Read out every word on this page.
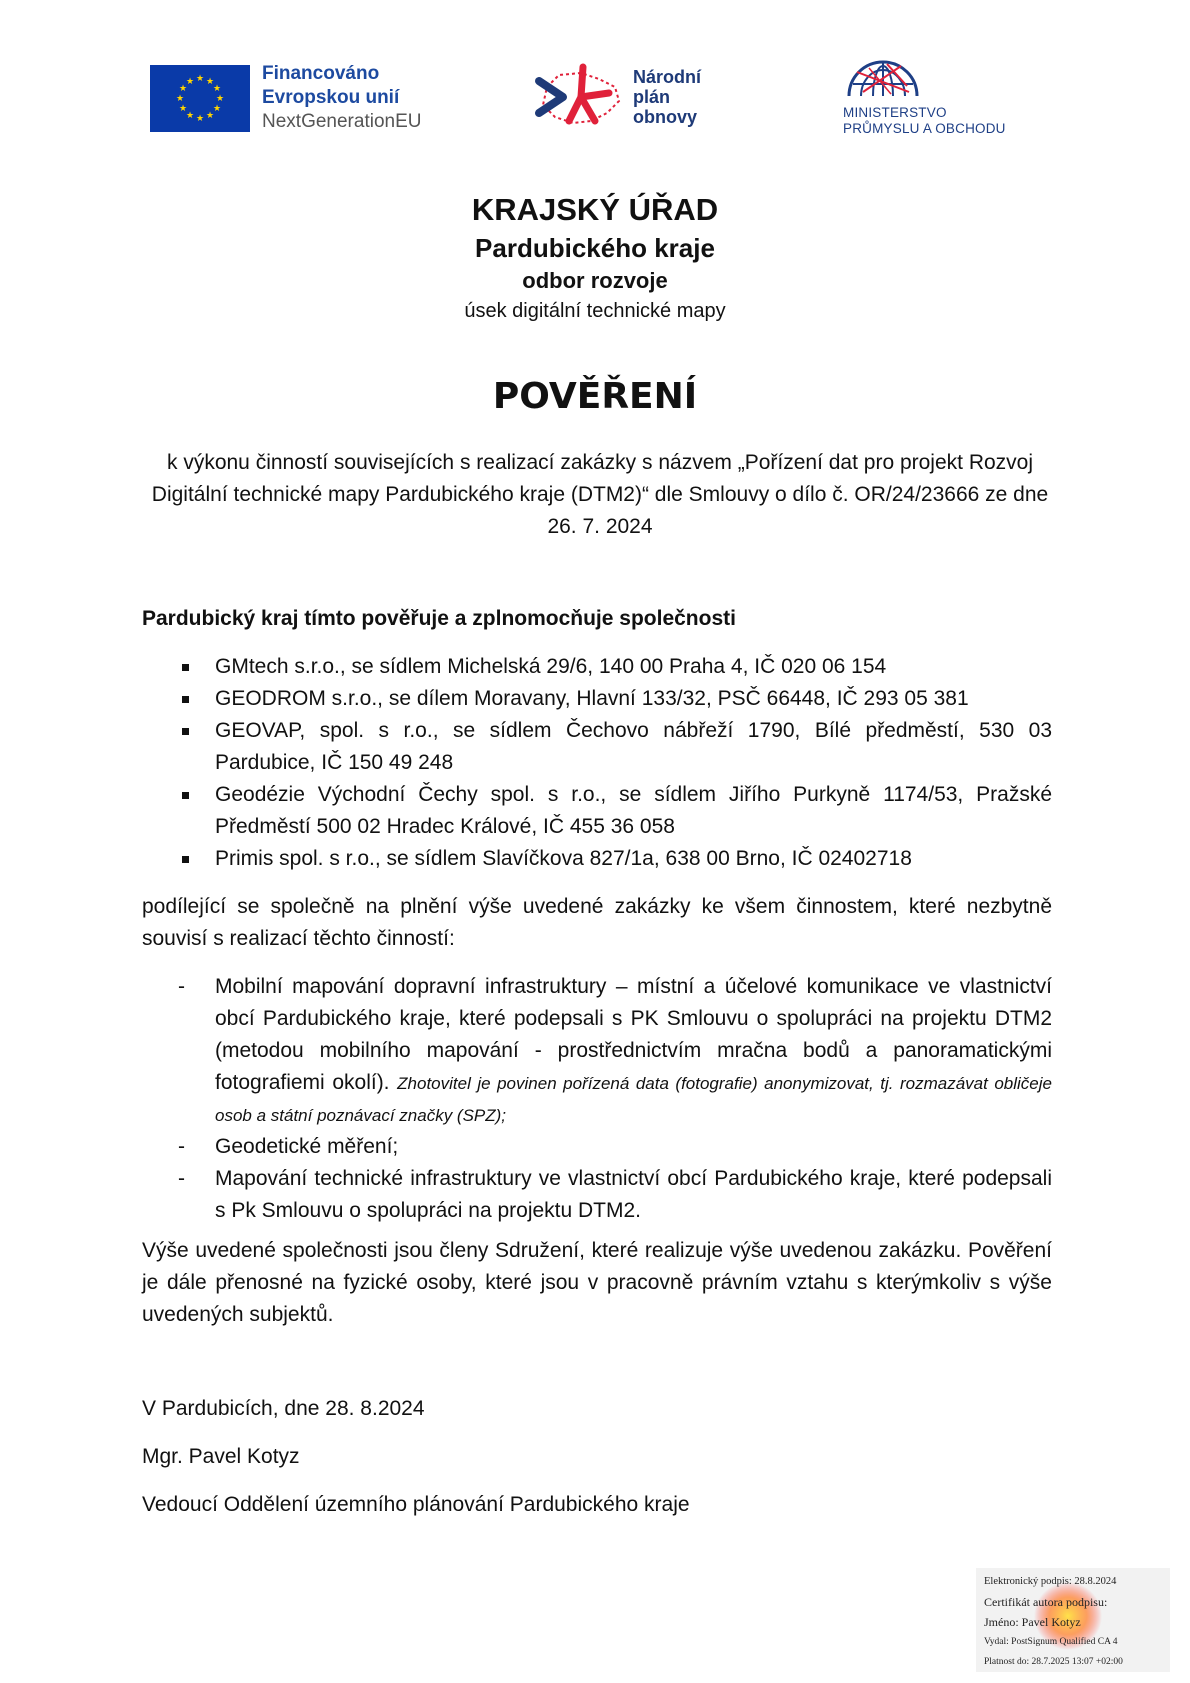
★ ★
★
★
★
★
★
★
★
★
★
★	Financováno
Evropskou unií
NextGenerationEU
Národní
plán
obnovy	MINISTERSTVO
PRŮMYSLU A OBCHODU
KRAJSKÝ ÚŘAD
Pardubického kraje
odbor rozvoje
úsek digitální technické mapy
POVĚŘENÍ
k výkonu činností souvisejících s realizací zakázky s názvem „Pořízení dat pro projekt Rozvoj Digitální technické mapy Pardubického kraje (DTM2)“ dle Smlouvy o dílo č. OR/24/23666 ze dne 26. 7. 2024
Pardubický kraj tímto pověřuje a zplnomocňuje společnosti
GMtech s.r.o., se sídlem Michelská 29/6, 140 00 Praha 4, IČ 020 06 154
GEODROM s.r.o., se dílem Moravany, Hlavní 133/32, PSČ 66448, IČ 293 05 381
GEOVAP, spol. s r.o., se sídlem Čechovo nábřeží 1790, Bílé předměstí, 530 03 Pardubice, IČ 150 49 248
Geodézie Východní Čechy spol. s r.o., se sídlem Jiřího Purkyně 1174/53, Pražské Předměstí 500 02 Hradec Králové, IČ 455 36 058
Primis spol. s r.o., se sídlem Slavíčkova 827/1a, 638 00 Brno, IČ 02402718
podílející se společně na plnění výše uvedené zakázky ke všem činnostem, které nezbytně souvisí s realizací těchto činností:
- Mobilní mapování dopravní infrastruktury – místní a účelové komunikace ve vlastnictví obcí Pardubického kraje, které podepsali s PK Smlouvu o spolupráci na projektu DTM2 (metodou mobilního mapování - prostřednictvím mračna bodů a panoramatickými fotografiemi okolí). Zhotovitel je povinen pořízená data (fotografie) anonymizovat, tj. rozmazávat obličeje osob a státní poznávací značky (SPZ);
- Geodetické měření;
- Mapování technické infrastruktury ve vlastnictví obcí Pardubického kraje, které podepsali s Pk Smlouvu o spolupráci na projektu DTM2.
Výše uvedené společnosti jsou členy Sdružení, které realizuje výše uvedenou zakázku. Pověření je dále přenosné na fyzické osoby, které jsou v pracovně právním vztahu s kterýmkoliv s výše uvedených subjektů.
V Pardubicích, dne 28. 8.2024
Mgr. Pavel Kotyz
Vedoucí Oddělení územního plánování Pardubického kraje
Elektronický podpis: 28.8.2024
Certifikát autora podpisu:
Jméno: Pavel Kotyz
Vydal: PostSignum Qualified CA 4
Platnost do: 28.7.2025 13:07 +02:00
